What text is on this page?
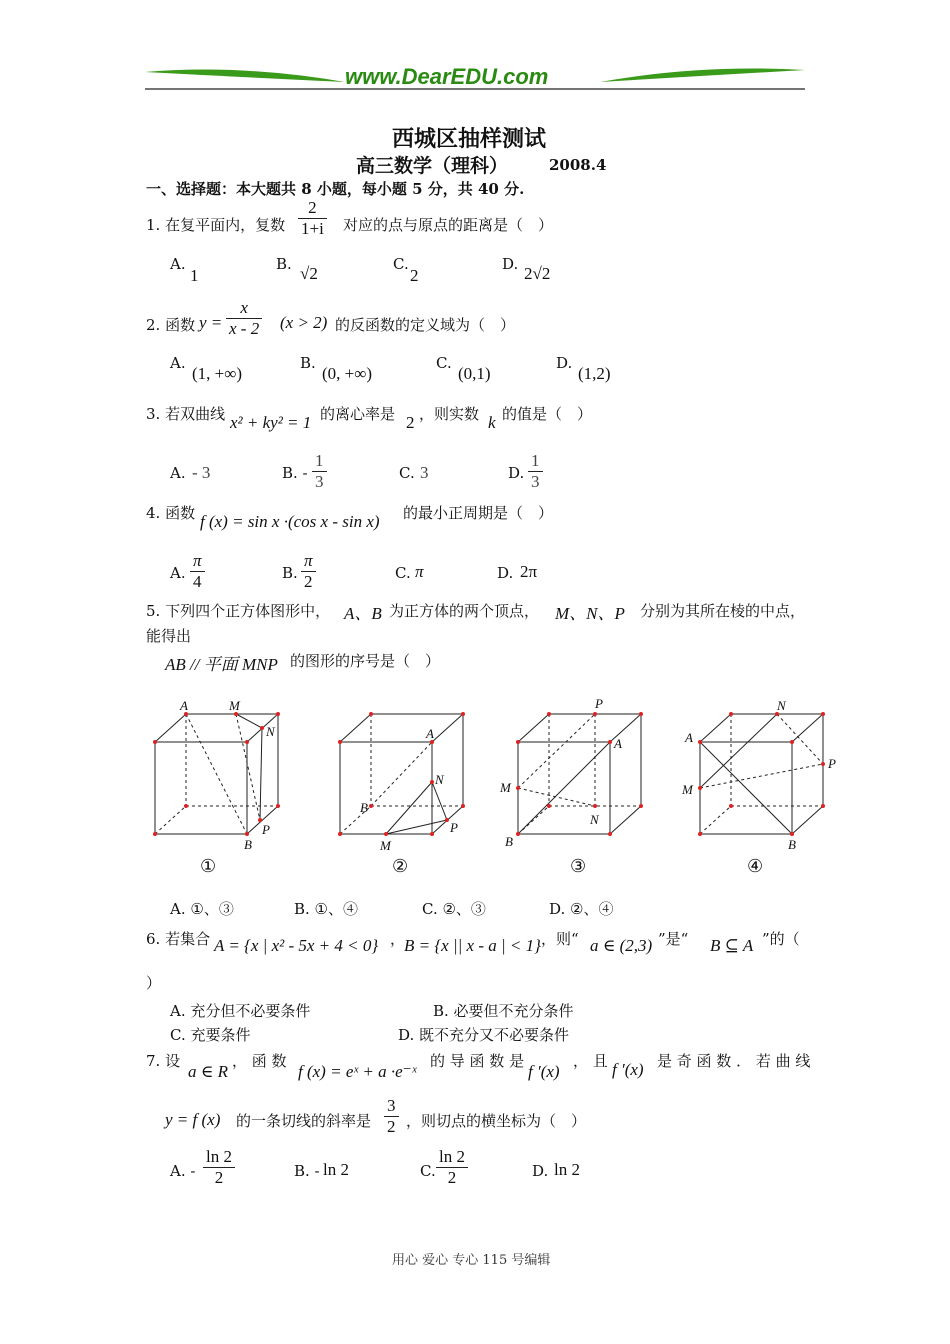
www.DearEDU.com
西城区抽样测试
高三数学（理科）	2008.4
一、选择题：本大题共 8 小题，每小题 5 分，共 40 分.
1. 在复平面内，复数 $\frac{2}{1+i}$ 对应的点与原点的距离是（　）
A.
1
B. √2	C.
2
D. 2√2
2. 函数 $y = \frac{x}{x - 2} (x > 2)$ 的反函数的定义域为（　）
A.
(1, +∞)
B.
(0, +∞)
C.
(0,1)
D.
(1,2)
3. 若双曲线 x² + ky² = 1 的离心率是 2 ，则实数 k 的值是（　）
A. - 3	B. - $\frac{1}{3}$	C. 3	D. $\frac{1}{3}$
4. 函数 f (x) = sin x ·(cos x - sin x) 的最小正周期是（　）
A. $\frac{\pi}{4}$	B. $\frac{\pi}{2}$	C. π	D. 2π
5. 下列四个正方体图形中， A、B 为正方体的两个顶点， M、N、P 分别为其所在棱的中点，
能得出
AB // 平面 MNP 的图形的序号是（　）
A	M
N
P
B
A
B
N
P
M
P
A
M
N
B
N
A
M
P
B
①	②	③	④
A. ①、③	B. ①、④	C. ②、③	D. ②、④
6. 若集合 A = {x | x² - 5x + 4 < 0} ，
B = {x || x - a | < 1} ，则“ a ∈ (2,3) ”是“ B ⊆ A ”的（
）
A. 充分但不必要条件	B. 必要但不充分条件
C. 充要条件	D. 既不充分又不必要条件
7. 设
a ∈ R
， 函 数
f (x) = eˣ + a ·e⁻ˣ
的 导 函 数 是
f ′(x)
， 且 f ′(x) 是 奇 函 数 ． 若 曲 线
y = f (x) 的一条切线的斜率是 $\frac{3}{2}$ ，则切点的横坐标为（　）
A. - $\frac{\ln 2}{2}$	B. - ln 2	C. $\frac{\ln 2}{2}$	D. ln 2
用心 爱心 专心 115 号编辑
